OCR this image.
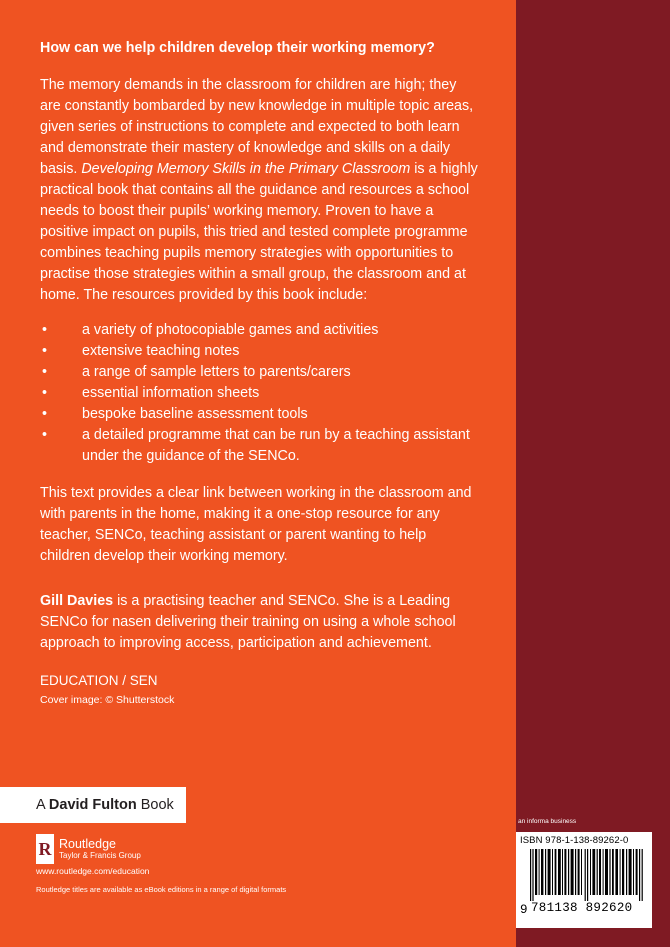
How can we help children develop their working memory?

The memory demands in the classroom for children are high; they are constantly bombarded by new knowledge in multiple topic areas, given series of instructions to complete and expected to both learn and demonstrate their mastery of knowledge and skills on a daily basis. Developing Memory Skills in the Primary Classroom is a highly practical book that contains all the guidance and resources a school needs to boost their pupils’ working memory. Proven to have a positive impact on pupils, this tried and tested complete programme combines teaching pupils memory strategies with opportunities to practise those strategies within a small group, the classroom and at home. The resources provided by this book include:

• a variety of photocopiable games and activities
• extensive teaching notes
• a range of sample letters to parents/carers
• essential information sheets
• bespoke baseline assessment tools
• a detailed programme that can be run by a teaching assistant under the guidance of the SENCo.

This text provides a clear link between working in the classroom and with parents in the home, making it a one-stop resource for any teacher, SENCo, teaching assistant or parent wanting to help children develop their working memory.

Gill Davies is a practising teacher and SENCo. She is a Leading SENCo for nasen delivering their training on using a whole school approach to improving access, participation and achievement.

EDUCATION / SEN

Cover image: © Shutterstock

A David Fulton Book
R Routledge
Taylor & Francis Group
www.routledge.com/education
Routledge titles are available as eBook editions in a range of digital formats
an informa business
ISBN 978-1-138-89262-0
9 781138 892620
